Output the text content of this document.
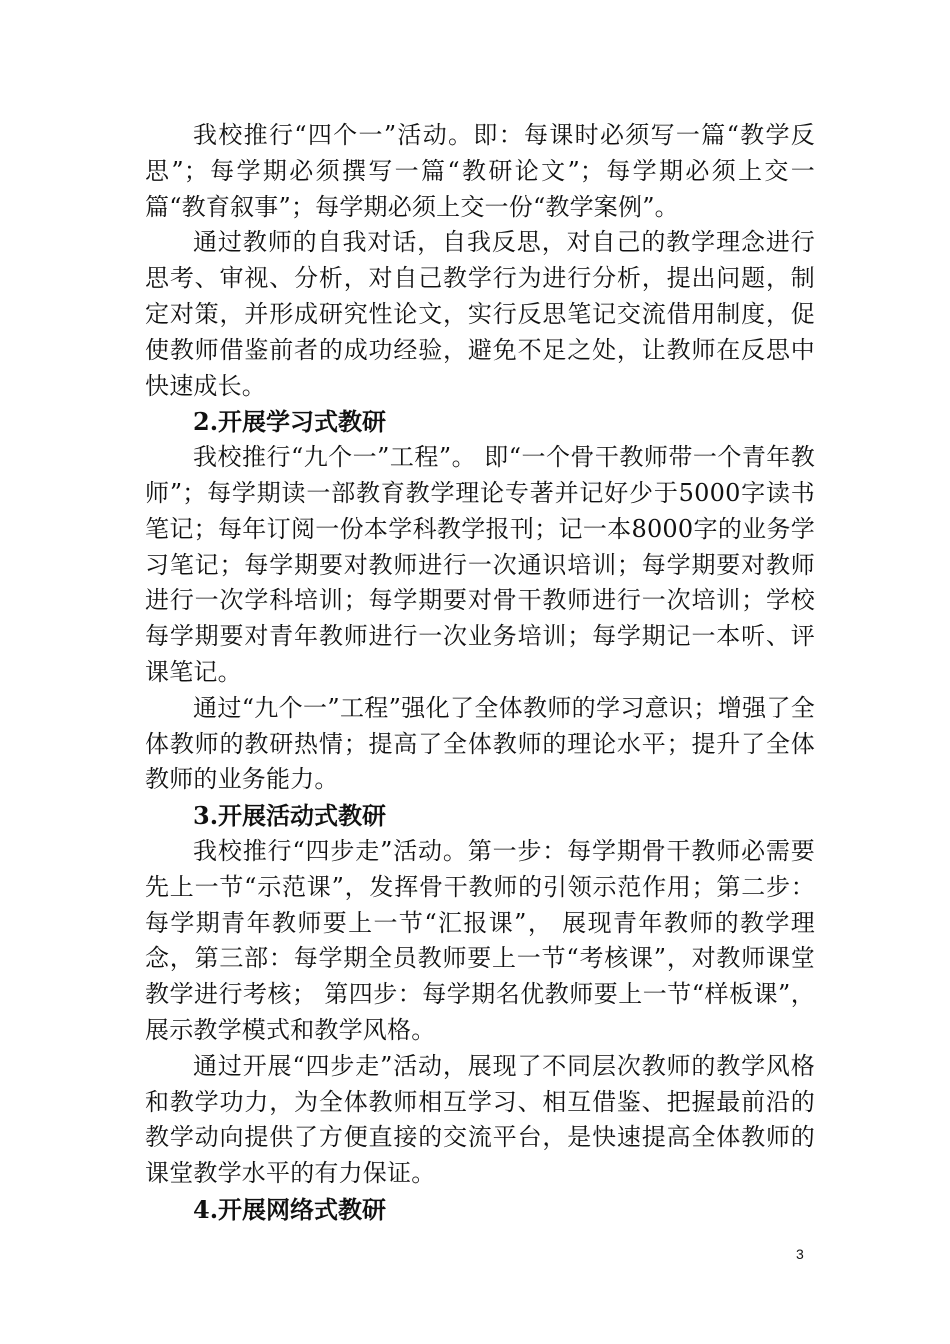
我校推行“四个一”活动。即：每课时必须写一篇“教学反思”；每学期必须撰写一篇“教研论文”；每学期必须上交一篇“教育叙事”；每学期必须上交一份“教学案例”。

通过教师的自我对话，自我反思，对自己的教学理念进行思考、审视、分析，对自己教学行为进行分析，提出问题，制定对策，并形成研究性论文，实行反思笔记交流借用制度，促使教师借鉴前者的成功经验，避免不足之处，让教师在反思中快速成长。

2.开展学习式教研

我校推行“九个一”工程”。 即“一个骨干教师带一个青年教师”；每学期读一部教育教学理论专著并记好少于5000字读书笔记；每年订阅一份本学科教学报刊；记一本8000字的业务学习笔记；每学期要对教师进行一次通识培训；每学期要对教师进行一次学科培训；每学期要对骨干教师进行一次培训；学校每学期要对青年教师进行一次业务培训；每学期记一本听、评课笔记。

通过“九个一”工程”强化了全体教师的学习意识；增强了全体教师的教研热情；提高了全体教师的理论水平；提升了全体教师的业务能力。

3.开展活动式教研

我校推行“四步走”活动。第一步：每学期骨干教师必需要先上一节“示范课”，发挥骨干教师的引领示范作用；第二步：每学期青年教师要上一节“汇报课”， 展现青年教师的教学理念，第三部：每学期全员教师要上一节“考核课”，对教师课堂教学进行考核； 第四步：每学期名优教师要上一节“样板课”， 展示教学模式和教学风格。

通过开展“四步走”活动，展现了不同层次教师的教学风格和教学功力，为全体教师相互学习、相互借鉴、把握最前沿的教学动向提供了方便直接的交流平台，是快速提高全体教师的课堂教学水平的有力保证。

4.开展网络式教研

3
